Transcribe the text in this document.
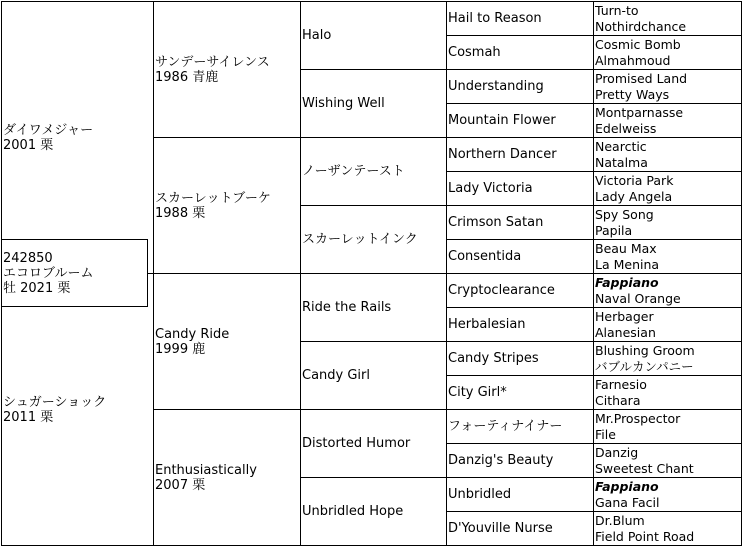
ダイワメジャー
2001 栗
シュガーショック
2011 栗
サンデーサイレンス
1986 青鹿
スカーレットブーケ
1988 栗
Candy Ride
1999 鹿
Enthusiastically
2007 栗
Halo
Wishing Well
ノーザンテースト
スカーレットインク
Ride the Rails
Candy Girl
Distorted Humor
Unbridled Hope
Hail to Reason
Cosmah
Understanding
Mountain Flower
Northern Dancer
Lady Victoria
Crimson Satan
Consentida
Cryptoclearance
Herbalesian
Candy Stripes
City Girl*
フォーティナイナー
Danzig's Beauty
Unbridled
D'Youville Nurse
Turn-to
Nothirdchance
Cosmic Bomb
Almahmoud
Promised Land
Pretty Ways
Montparnasse
Edelweiss
Nearctic
Natalma
Victoria Park
Lady Angela
Spy Song
Papila
Beau Max
La Menina
Fappiano
Naval Orange
Herbager
Alanesian
Blushing Groom
バブルカンパニー
Farnesio
Cithara
Mr.Prospector
File
Danzig
Sweetest Chant
Fappiano
Gana Facil
Dr.Blum
Field Point Road
242850
エコロブルーム
牡 2021 栗
